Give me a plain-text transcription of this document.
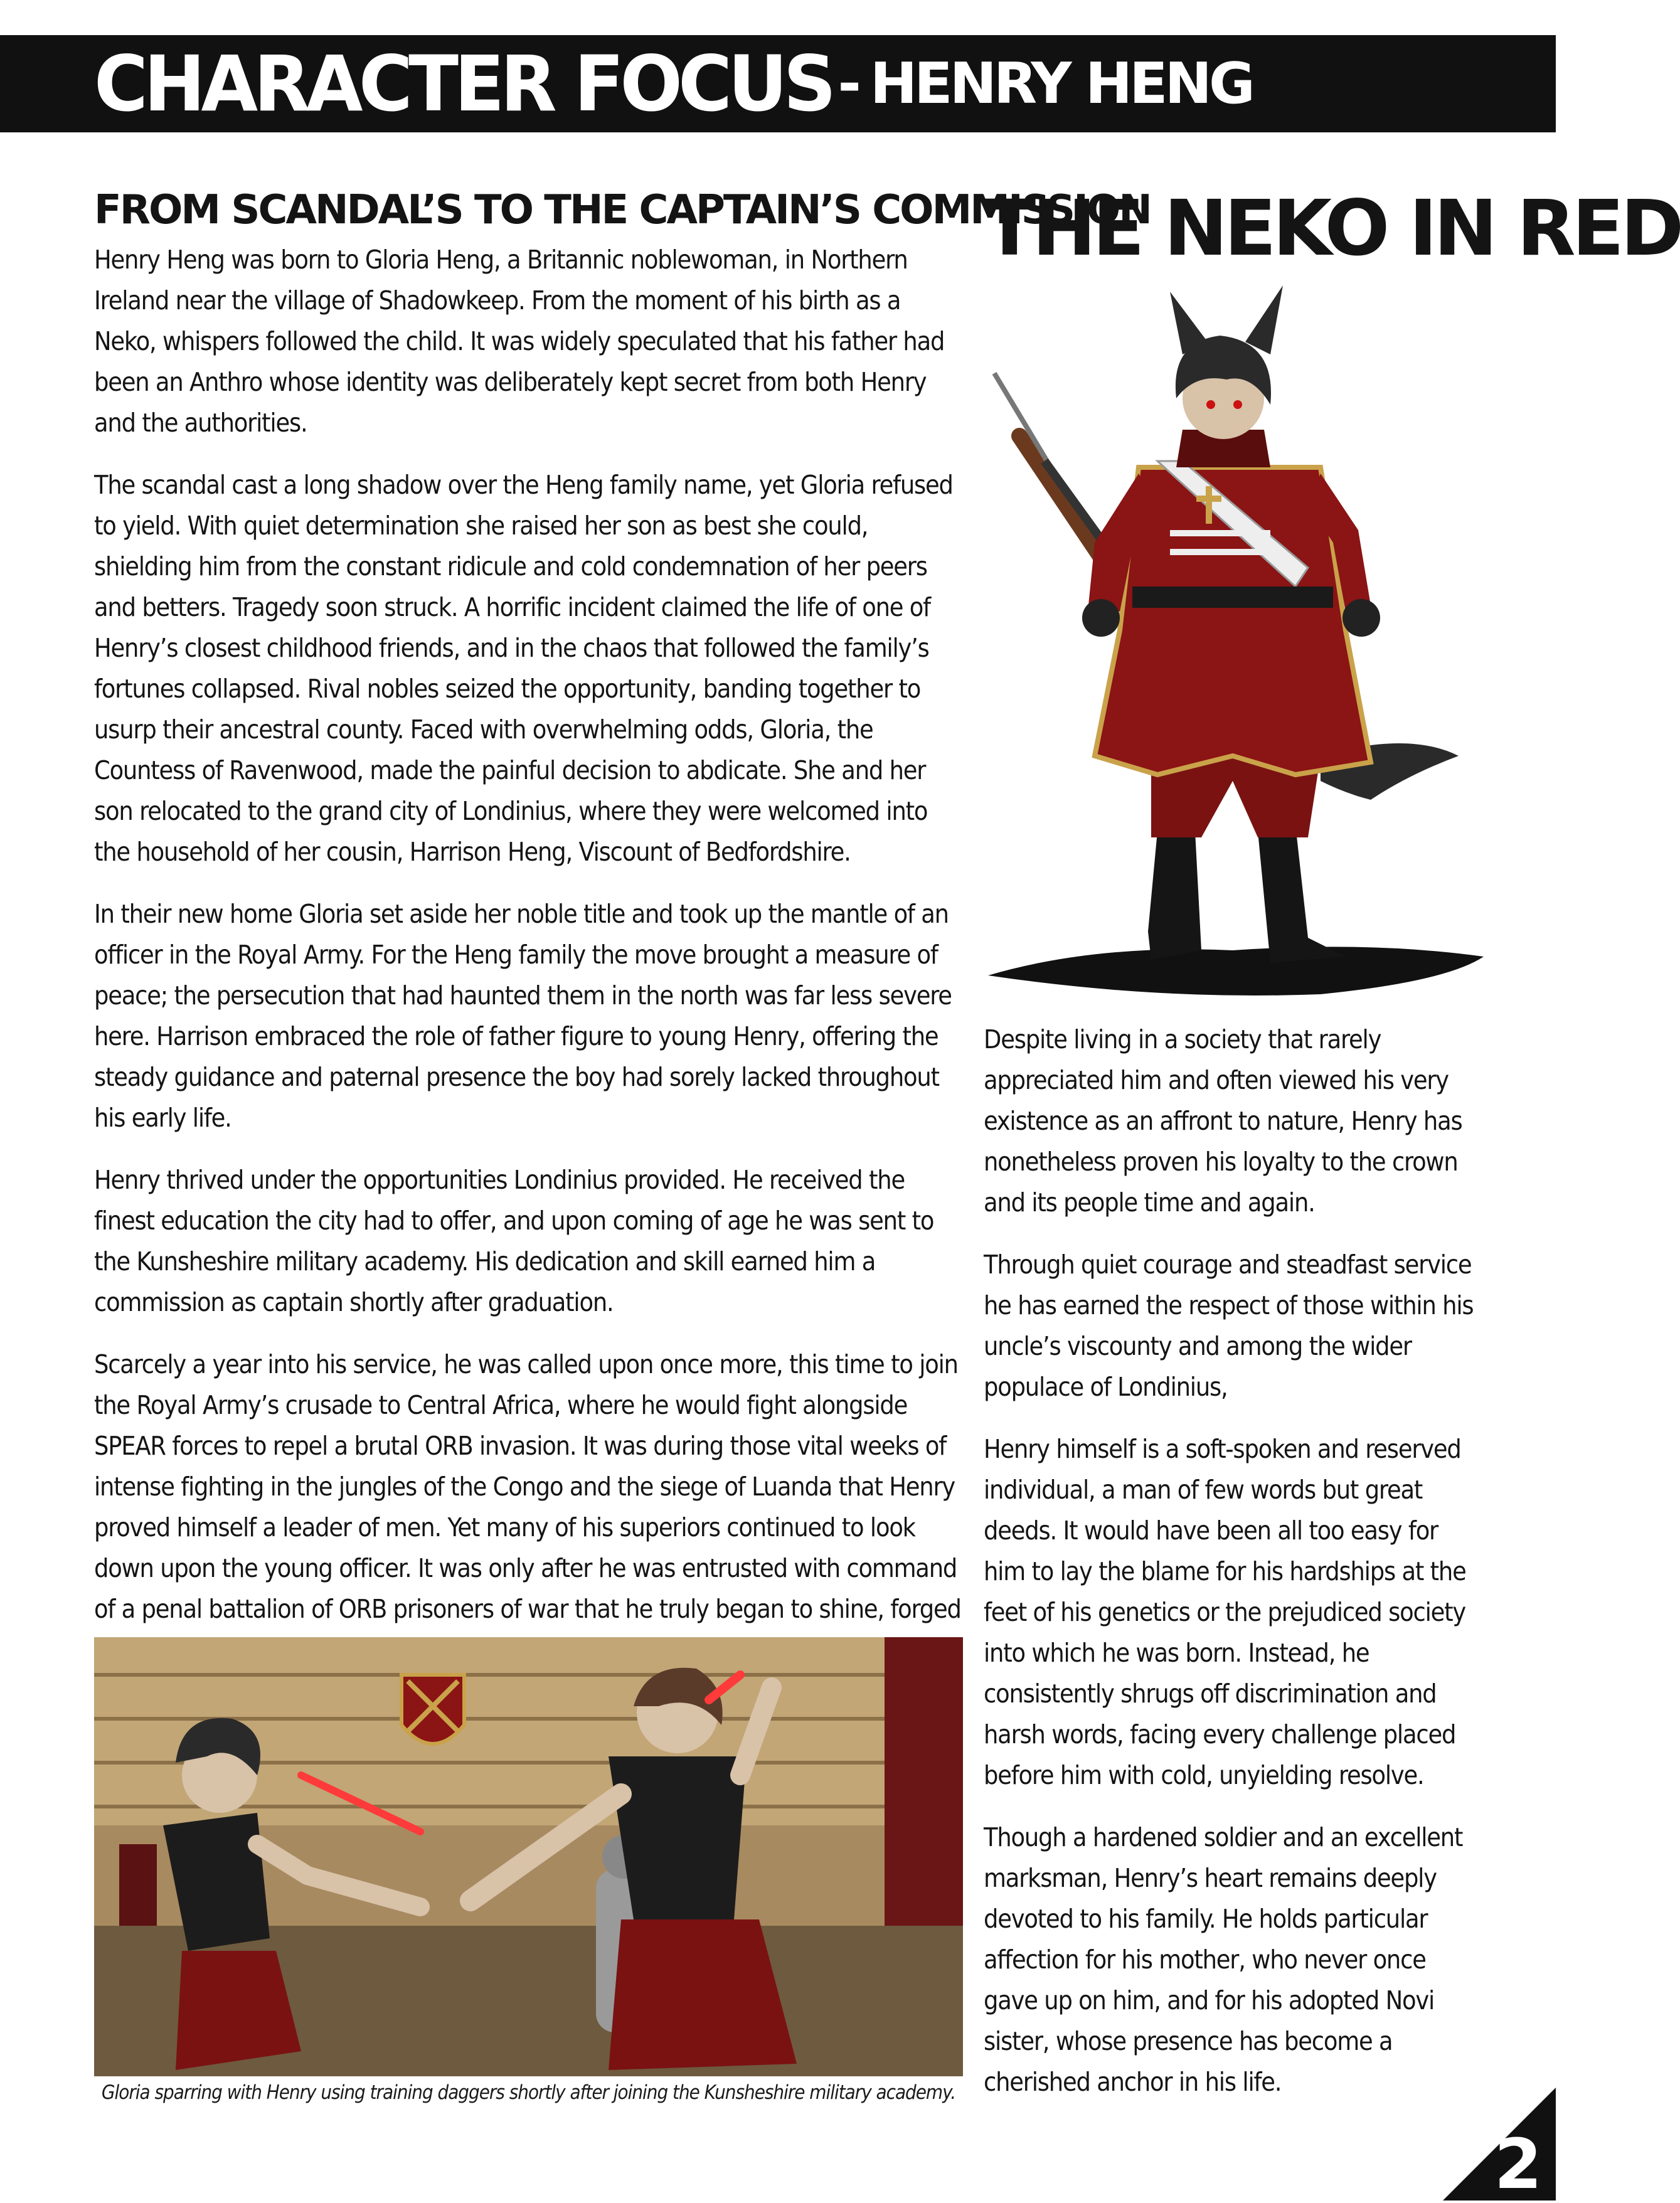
CHARACTER FOCUS - HENRY HENG
FROM SCANDAL’S TO THE CAPTAIN’S COMMISSION

Henry Heng was born to Gloria Heng, a Britannic noblewoman, in Northern Ireland near the village of Shadowkeep. From the moment of his birth as a Neko, whispers followed the child. It was widely speculated that his father had been an Anthro whose identity was deliberately kept secret from both Henry and the authorities.

The scandal cast a long shadow over the Heng family name, yet Gloria refused to yield. With quiet determination she raised her son as best she could, shielding him from the constant ridicule and cold condemnation of her peers and betters. Tragedy soon struck. A horrific incident claimed the life of one of Henry’s closest childhood friends, and in the chaos that followed the family’s fortunes collapsed. Rival nobles seized the opportunity, banding together to usurp their ancestral county. Faced with overwhelming odds, Gloria, the Countess of Ravenwood, made the painful decision to abdicate. She and her son relocated to the grand city of Londinius, where they were welcomed into the household of her cousin, Harrison Heng, Viscount of Bedfordshire.

In their new home Gloria set aside her noble title and took up the mantle of an officer in the Royal Army. For the Heng family the move brought a measure of peace; the persecution that had haunted them in the north was far less severe here. Harrison embraced the role of father figure to young Henry, offering the steady guidance and paternal presence the boy had sorely lacked throughout his early life.

Henry thrived under the opportunities Londinius provided. He received the finest education the city had to offer, and upon coming of age he was sent to the Kunsheshire military academy. His dedication and skill earned him a commission as captain shortly after graduation.

Scarcely a year into his service, he was called upon once more, this time to join the Royal Army’s crusade to Central Africa, where he would fight alongside SPEAR forces to repel a brutal ORB invasion. It was during those vital weeks of intense fighting in the jungles of the Congo and the siege of Luanda that Henry proved himself a leader of men. Yet many of his superiors continued to look down upon the young officer. It was only after he was entrusted with command of a penal battalion of ORB prisoners of war that he truly began to shine, forged

THE NEKO IN RED

Despite living in a society that rarely appreciated him and often viewed his very existence as an affront to nature, Henry has nonetheless proven his loyalty to the crown and its people time and again.

Through quiet courage and steadfast service he has earned the respect of those within his uncle’s viscounty and among the wider populace of Londinius,

Henry himself is a soft-spoken and reserved individual, a man of few words but great deeds. It would have been all too easy for him to lay the blame for his hardships at the feet of his genetics or the prejudiced society into which he was born. Instead, he consistently shrugs off discrimination and harsh words, facing every challenge placed before him with cold, unyielding resolve.

Though a hardened soldier and an excellent marksman, Henry’s heart remains deeply devoted to his family. He holds particular affection for his mother, who never once gave up on him, and for his adopted Novi sister, whose presence has become a cherished anchor in his life.

Gloria sparring with Henry using training daggers shortly after joining the Kunsheshire military academy.
2
